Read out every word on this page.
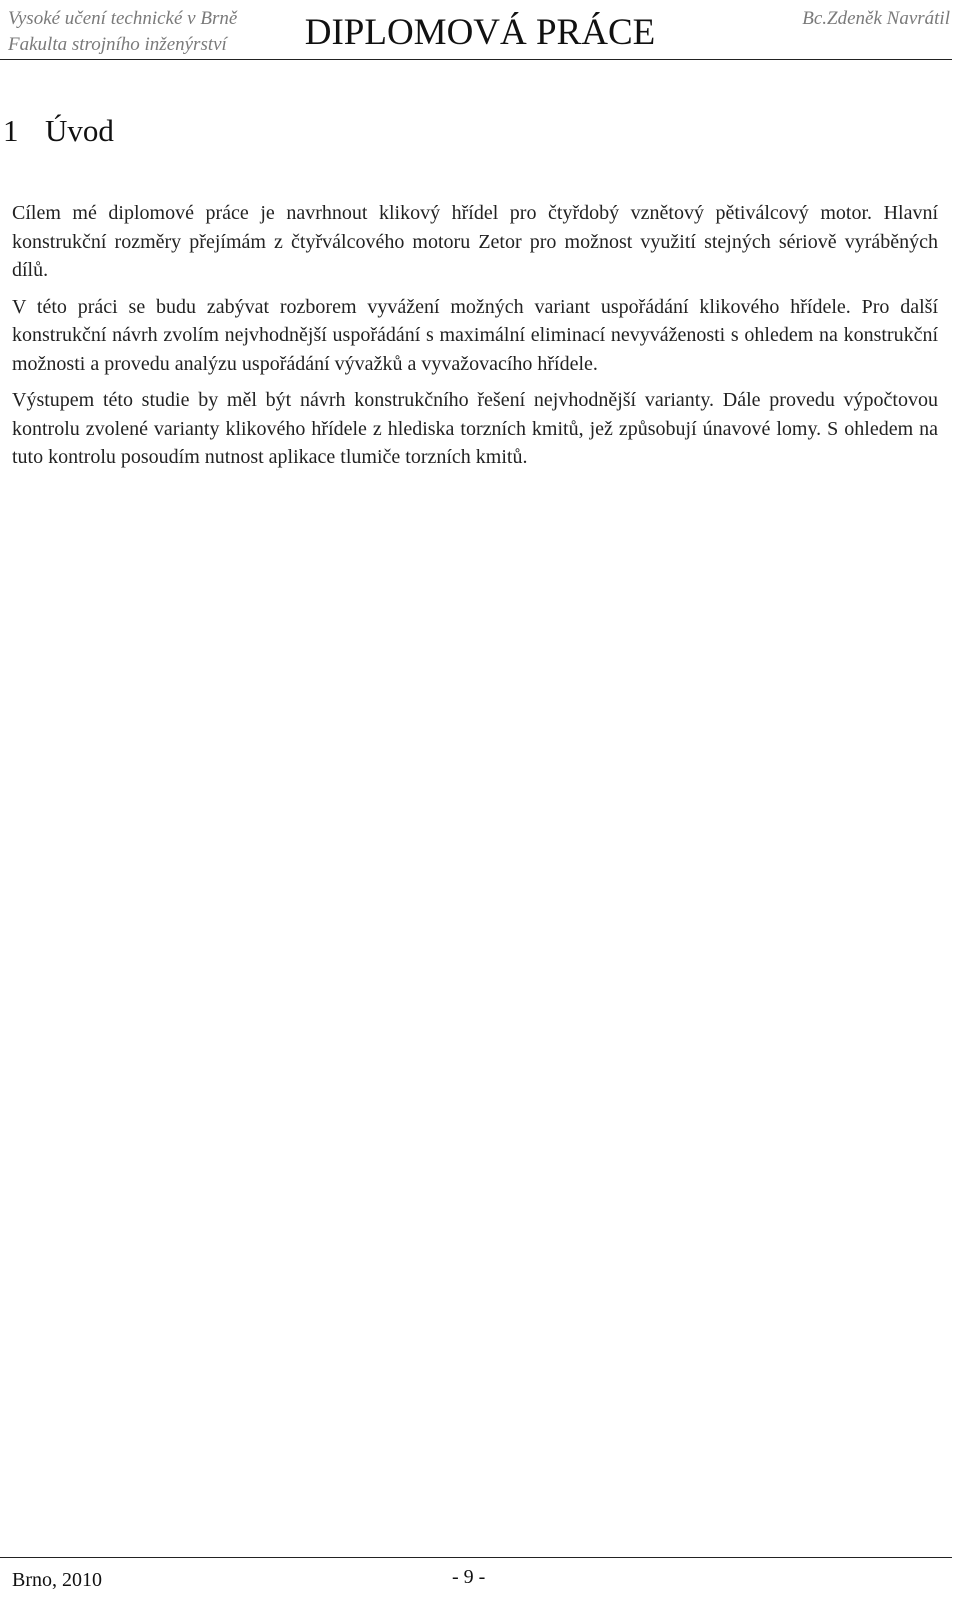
Vysoké učení technické v Brně
Fakulta strojního inženýrství	DIPLOMOVÁ PRÁCE	Bc.Zdeněk Navrátil
1 Úvod

Cílem mé diplomové práce je navrhnout klikový hřídel pro čtyřdobý vznětový pětiválcový motor. Hlavní konstrukční rozměry přejímám z čtyřválcového motoru Zetor pro možnost využití stejných sériově vyráběných dílů.

V této práci se budu zabývat rozborem vyvážení možných variant uspořádání klikového hřídele. Pro další konstrukční návrh zvolím nejvhodnější uspořádání s maximální eliminací nevyváženosti s ohledem na konstrukční možnosti a provedu analýzu uspořádání vývažků a vyvažovacího hřídele.

Výstupem této studie by měl být návrh konstrukčního řešení nejvhodnější varianty. Dále provedu výpočtovou kontrolu zvolené varianty klikového hřídele z hlediska torzních kmitů, jež způsobují únavové lomy. S ohledem na tuto kontrolu posoudím nutnost aplikace tlumiče torzních kmitů.

Brno, 2010	- 9 -
